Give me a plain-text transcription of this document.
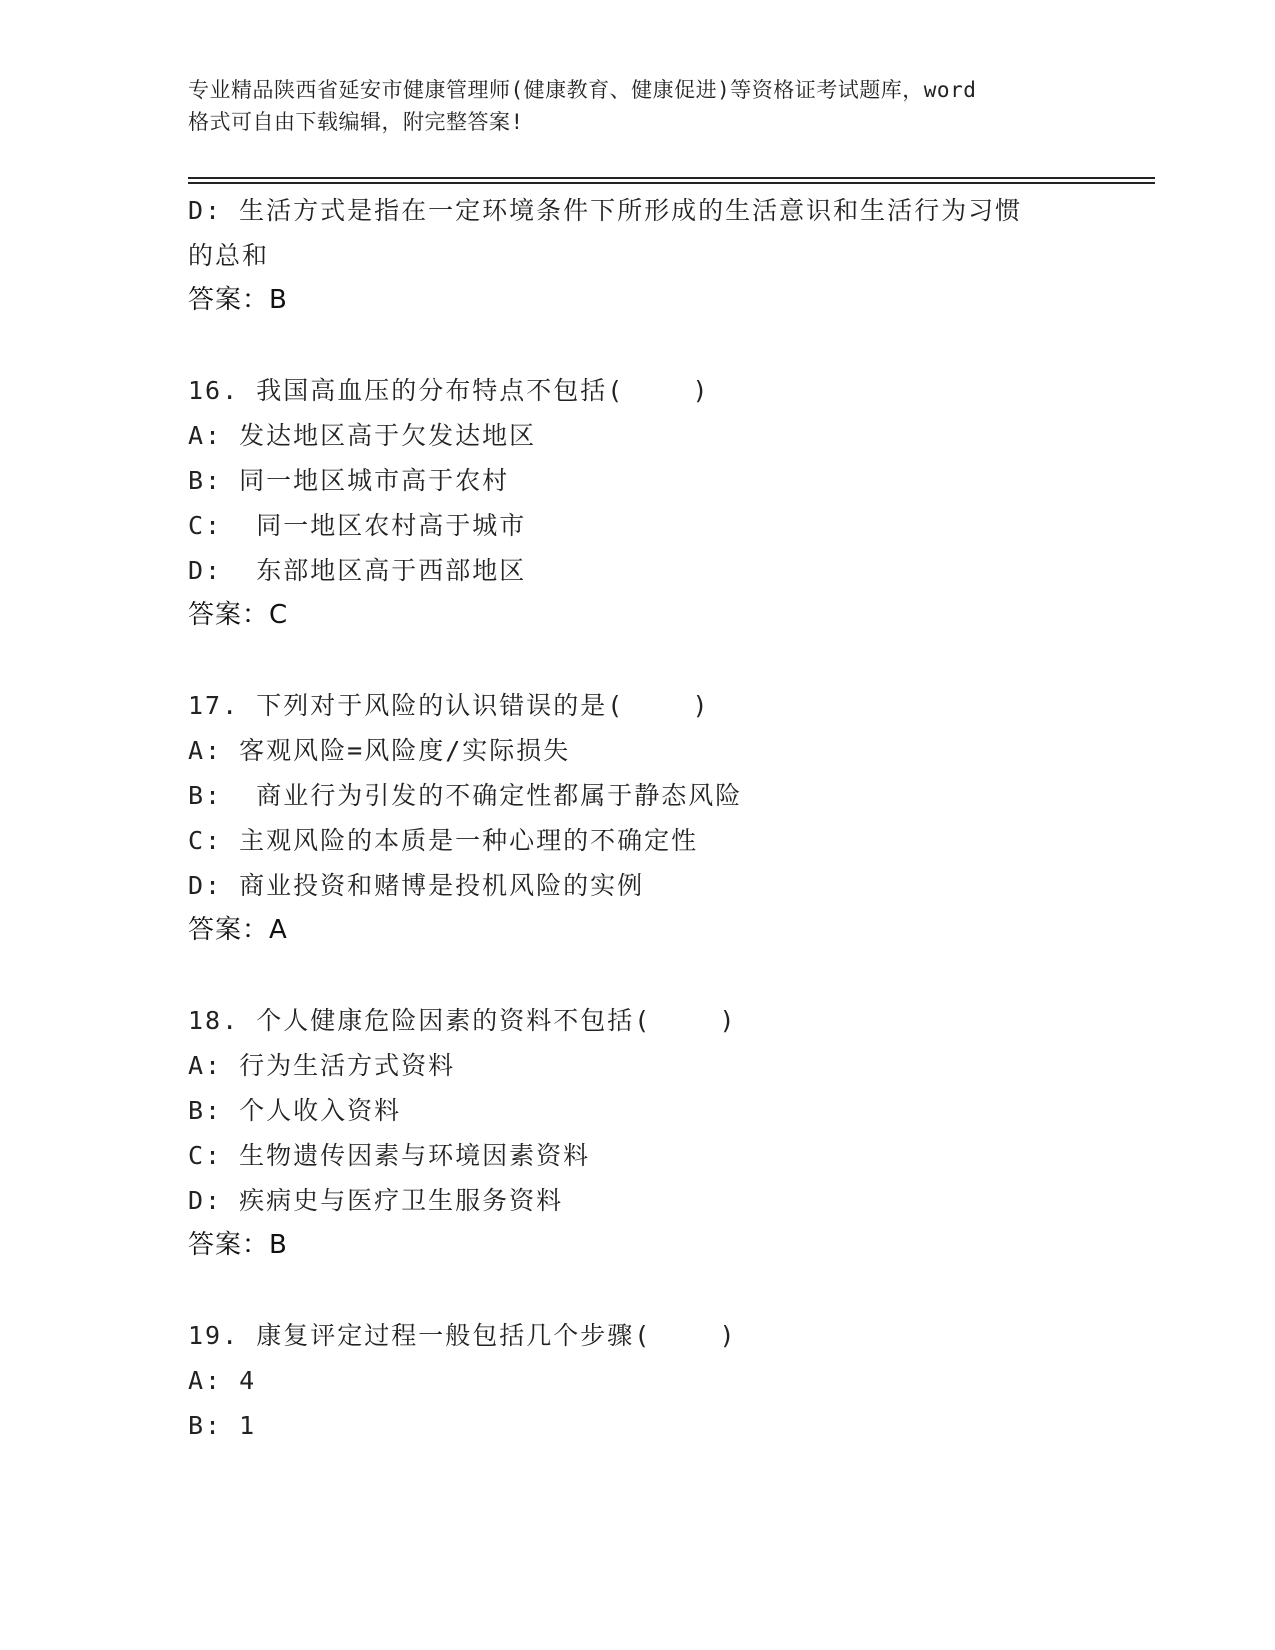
专业精品陕西省延安市健康管理师(健康教育、健康促进)等资格证考试题库，word
格式可自由下载编辑，附完整答案!
D: 生活方式是指在一定环境条件下所形成的生活意识和生活行为习惯
的总和
答案：B
16. 我国高血压的分布特点不包括(    )
A: 发达地区高于欠发达地区
B: 同一地区城市高于农村
C:  同一地区农村高于城市
D:  东部地区高于西部地区
答案：C
17. 下列对于风险的认识错误的是(    )
A: 客观风险=风险度/实际损失
B:  商业行为引发的不确定性都属于静态风险
C: 主观风险的本质是一种心理的不确定性
D: 商业投资和赌博是投机风险的实例
答案：A
18. 个人健康危险因素的资料不包括(    )
A: 行为生活方式资料
B: 个人收入资料
C: 生物遗传因素与环境因素资料
D: 疾病史与医疗卫生服务资料
答案：B
19. 康复评定过程一般包括几个步骤(    )
A: 4
B: 1
